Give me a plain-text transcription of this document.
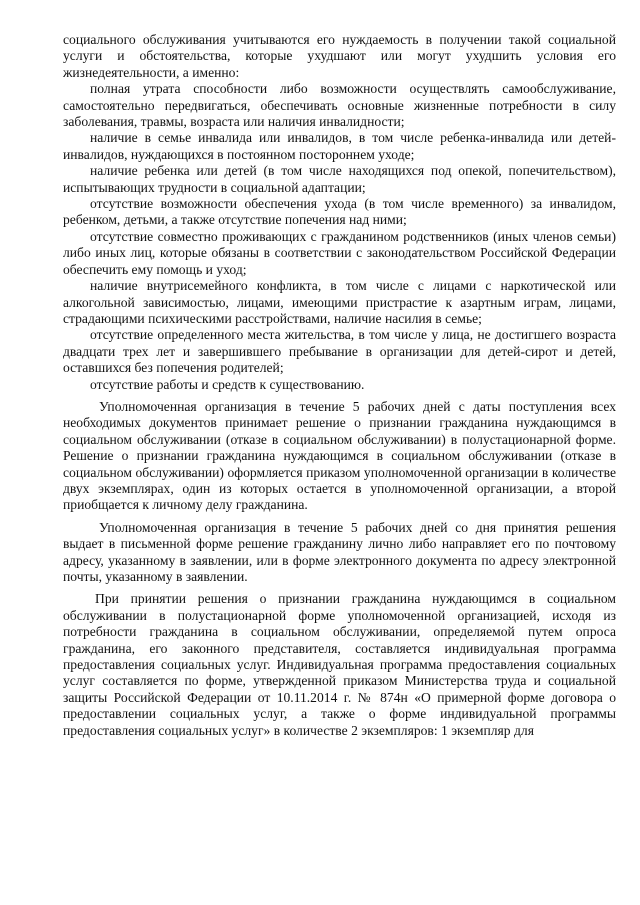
социального обслуживания учитываются его нуждаемость в получении такой социальной услуги и обстоятельства, которые ухудшают или могут ухудшить условия его жизнедеятельности, а именно:

полная утрата способности либо возможности осуществлять самообслуживание, самостоятельно передвигаться, обеспечивать основные жизненные потребности в силу заболевания, травмы, возраста или наличия инвалидности;

наличие в семье инвалида или инвалидов, в том числе ребенка-инвалида или детей-инвалидов, нуждающихся в постоянном постороннем уходе;

наличие ребенка или детей (в том числе находящихся под опекой, попечительством), испытывающих трудности в социальной адаптации;

отсутствие возможности обеспечения ухода (в том числе временного) за инвалидом, ребенком, детьми, а также отсутствие попечения над ними;

отсутствие совместно проживающих с гражданином родственников (иных членов семьи) либо иных лиц, которые обязаны в соответствии с законодательством Российской Федерации обеспечить ему помощь и уход;

наличие внутрисемейного конфликта, в том числе с лицами с наркотической или алкогольной зависимостью, лицами, имеющими пристрастие к азартным играм, лицами, страдающими психическими расстройствами, наличие насилия в семье;

отсутствие определенного места жительства, в том числе у лица, не достигшего возраста двадцати трех лет и завершившего пребывание в организации для детей-сирот и детей, оставшихся без попечения родителей;

отсутствие работы и средств к существованию.

Уполномоченная организация в течение 5 рабочих дней с даты поступления всех необходимых документов принимает решение о признании гражданина нуждающимся в социальном обслуживании (отказе в социальном обслуживании) в полустационарной форме. Решение о признании гражданина нуждающимся в социальном обслуживании (отказе в социальном обслуживании) оформляется приказом уполномоченной организации в количестве двух экземплярах, один из которых остается в уполномоченной организации, а второй приобщается к личному делу гражданина.

Уполномоченная организация в течение 5 рабочих дней со дня принятия решения выдает в письменной форме решение гражданину лично либо направляет его по почтовому адресу, указанному в заявлении, или в форме электронного документа по адресу электронной почты, указанному в заявлении.

При принятии решения о признании гражданина нуждающимся в социальном обслуживании в полустационарной форме уполномоченной организацией, исходя из потребности гражданина в социальном обслуживании, определяемой путем опроса гражданина, его законного представителя, составляется индивидуальная программа предоставления социальных услуг. Индивидуальная программа предоставления социальных услуг составляется по форме, утвержденной приказом Министерства труда и социальной защиты Российской Федерации от 10.11.2014 г. № 874н «О примерной форме договора о предоставлении социальных услуг, а также о форме индивидуальной программы предоставления социальных услуг» в количестве 2 экземпляров: 1 экземпляр для
